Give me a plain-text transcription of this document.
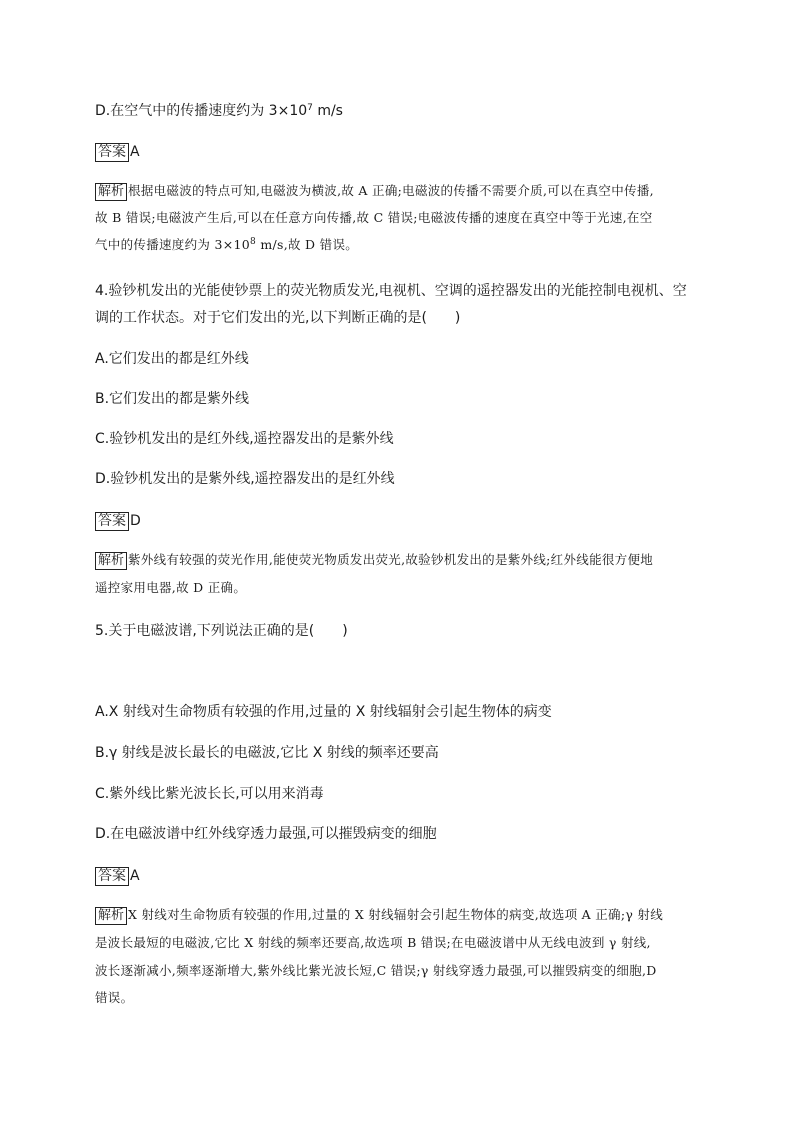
D.在空气中的传播速度约为 $3\times 10^7$ m/s
答案 A
解析 根据电磁波的特点可知,电磁波为横波,故 A 正确;电磁波的传播不需要介质,可以在真空中传播,
故 B 错误;电磁波产生后,可以在任意方向传播,故 C 错误;电磁波传播的速度在真空中等于光速,在空
气中的传播速度约为 $3\times 10^8$ m/s,故 D 错误。
4.验钞机发出的光能使钞票上的荧光物质发光,电视机、空调的遥控器发出的光能控制电视机、空
调的工作状态。对于它们发出的光,以下判断正确的是(　　)
A.它们发出的都是红外线
B.它们发出的都是紫外线
C.验钞机发出的是红外线,遥控器发出的是紫外线
D.验钞机发出的是紫外线,遥控器发出的是红外线
答案 D
解析 紫外线有较强的荧光作用,能使荧光物质发出荧光,故验钞机发出的是紫外线;红外线能很方便地
遥控家用电器,故 D 正确。
5.关于电磁波谱,下列说法正确的是(　　)
A.X 射线对生命物质有较强的作用,过量的 X 射线辐射会引起生物体的病变
B.γ 射线是波长最长的电磁波,它比 X 射线的频率还要高
C.紫外线比紫光波长长,可以用来消毒
D.在电磁波谱中红外线穿透力最强,可以摧毁病变的细胞
答案 A
解析 X 射线对生命物质有较强的作用,过量的 X 射线辐射会引起生物体的病变,故选项 A 正确;γ 射线
是波长最短的电磁波,它比 X 射线的频率还要高,故选项 B 错误;在电磁波谱中从无线电波到 γ 射线,
波长逐渐减小,频率逐渐增大,紫外线比紫光波长短,C 错误;γ 射线穿透力最强,可以摧毁病变的细胞,D
错误。
